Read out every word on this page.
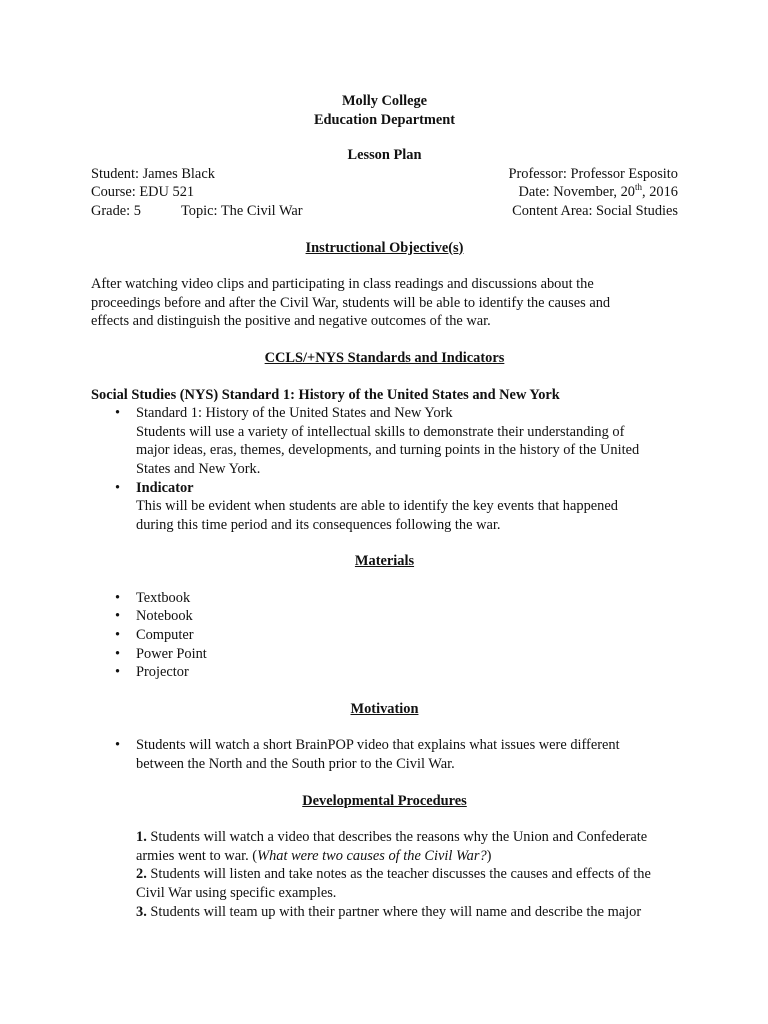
Molly College
Education Department
Lesson Plan
Student: James Black	Professor: Professor Esposito
Course: EDU 521	Date: November, 20th, 2016
Grade: 5	Topic: The Civil War	Content Area: Social Studies
Instructional Objective(s)
After watching video clips and participating in class readings and discussions about the
proceedings before and after the Civil War, students will be able to identify the causes and
effects and distinguish the positive and negative outcomes of the war.
CCLS/+NYS Standards and Indicators
Social Studies (NYS) Standard 1: History of the United States and New York
• Standard 1: History of the United States and New York
Students will use a variety of intellectual skills to demonstrate their understanding of
major ideas, eras, themes, developments, and turning points in the history of the United
States and New York.
• Indicator
This will be evident when students are able to identify the key events that happened
during this time period and its consequences following the war.
Materials
• Textbook
• Notebook
• Computer
• Power Point
• Projector
Motivation
• Students will watch a short BrainPOP video that explains what issues were different
between the North and the South prior to the Civil War.
Developmental Procedures
1. Students will watch a video that describes the reasons why the Union and Confederate
armies went to war. (What were two causes of the Civil War?)
2. Students will listen and take notes as the teacher discusses the causes and effects of the
Civil War using specific examples.
3. Students will team up with their partner where they will name and describe the major
